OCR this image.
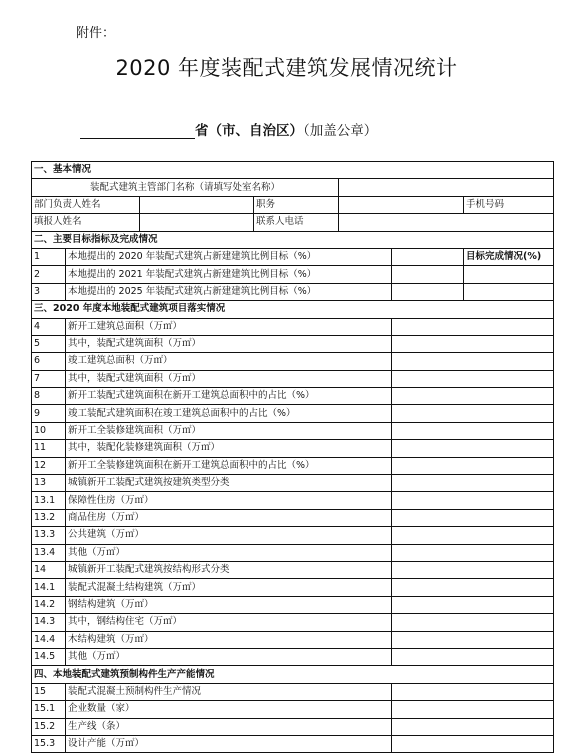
附件：
2020 年度装配式建筑发展情况统计
省（市、自治区）（加盖公章）
一、基本情况						
装配式建筑主管部门名称（请填写处室名称）						
部门负责人姓名			职务			手机号码
填报人姓名			联系人电话			
二、主要目标指标及完成情况						
1	本地提出的 2020 年装配式建筑占新建建筑比例目标（%）					目标完成情况(%)
2	本地提出的 2021 年装配式建筑占新建建筑比例目标（%）					
3	本地提出的 2025 年装配式建筑占新建建筑比例目标（%）					
三、2020 年度本地装配式建筑项目落实情况						
4	新开工建筑总面积（万㎡）					
5	其中，装配式建筑面积（万㎡）					
6	竣工建筑总面积（万㎡）					
7	其中，装配式建筑面积（万㎡）					
8	新开工装配式建筑面积在新开工建筑总面积中的占比（%）					
9	竣工装配式建筑面积在竣工建筑总面积中的占比（%）					
10	新开工全装修建筑面积（万㎡）					
11	其中，装配化装修建筑面积（万㎡）					
12	新开工全装修建筑面积在新开工建筑总面积中的占比（%）					
13	城镇新开工装配式建筑按建筑类型分类					
13.1	保障性住房（万㎡）					
13.2	商品住房（万㎡）					
13.3	公共建筑（万㎡）					
13.4	其他（万㎡）					
14	城镇新开工装配式建筑按结构形式分类					
14.1	装配式混凝土结构建筑（万㎡）					
14.2	钢结构建筑（万㎡）					
14.3	其中，钢结构住宅（万㎡）					
14.4	木结构建筑（万㎡）					
14.5	其他（万㎡）					
四、本地装配式建筑预制构件生产产能情况						
15	装配式混凝土预制构件生产情况					
15.1	企业数量（家）					
15.2	生产线（条）					
15.3	设计产能（万㎡）					
